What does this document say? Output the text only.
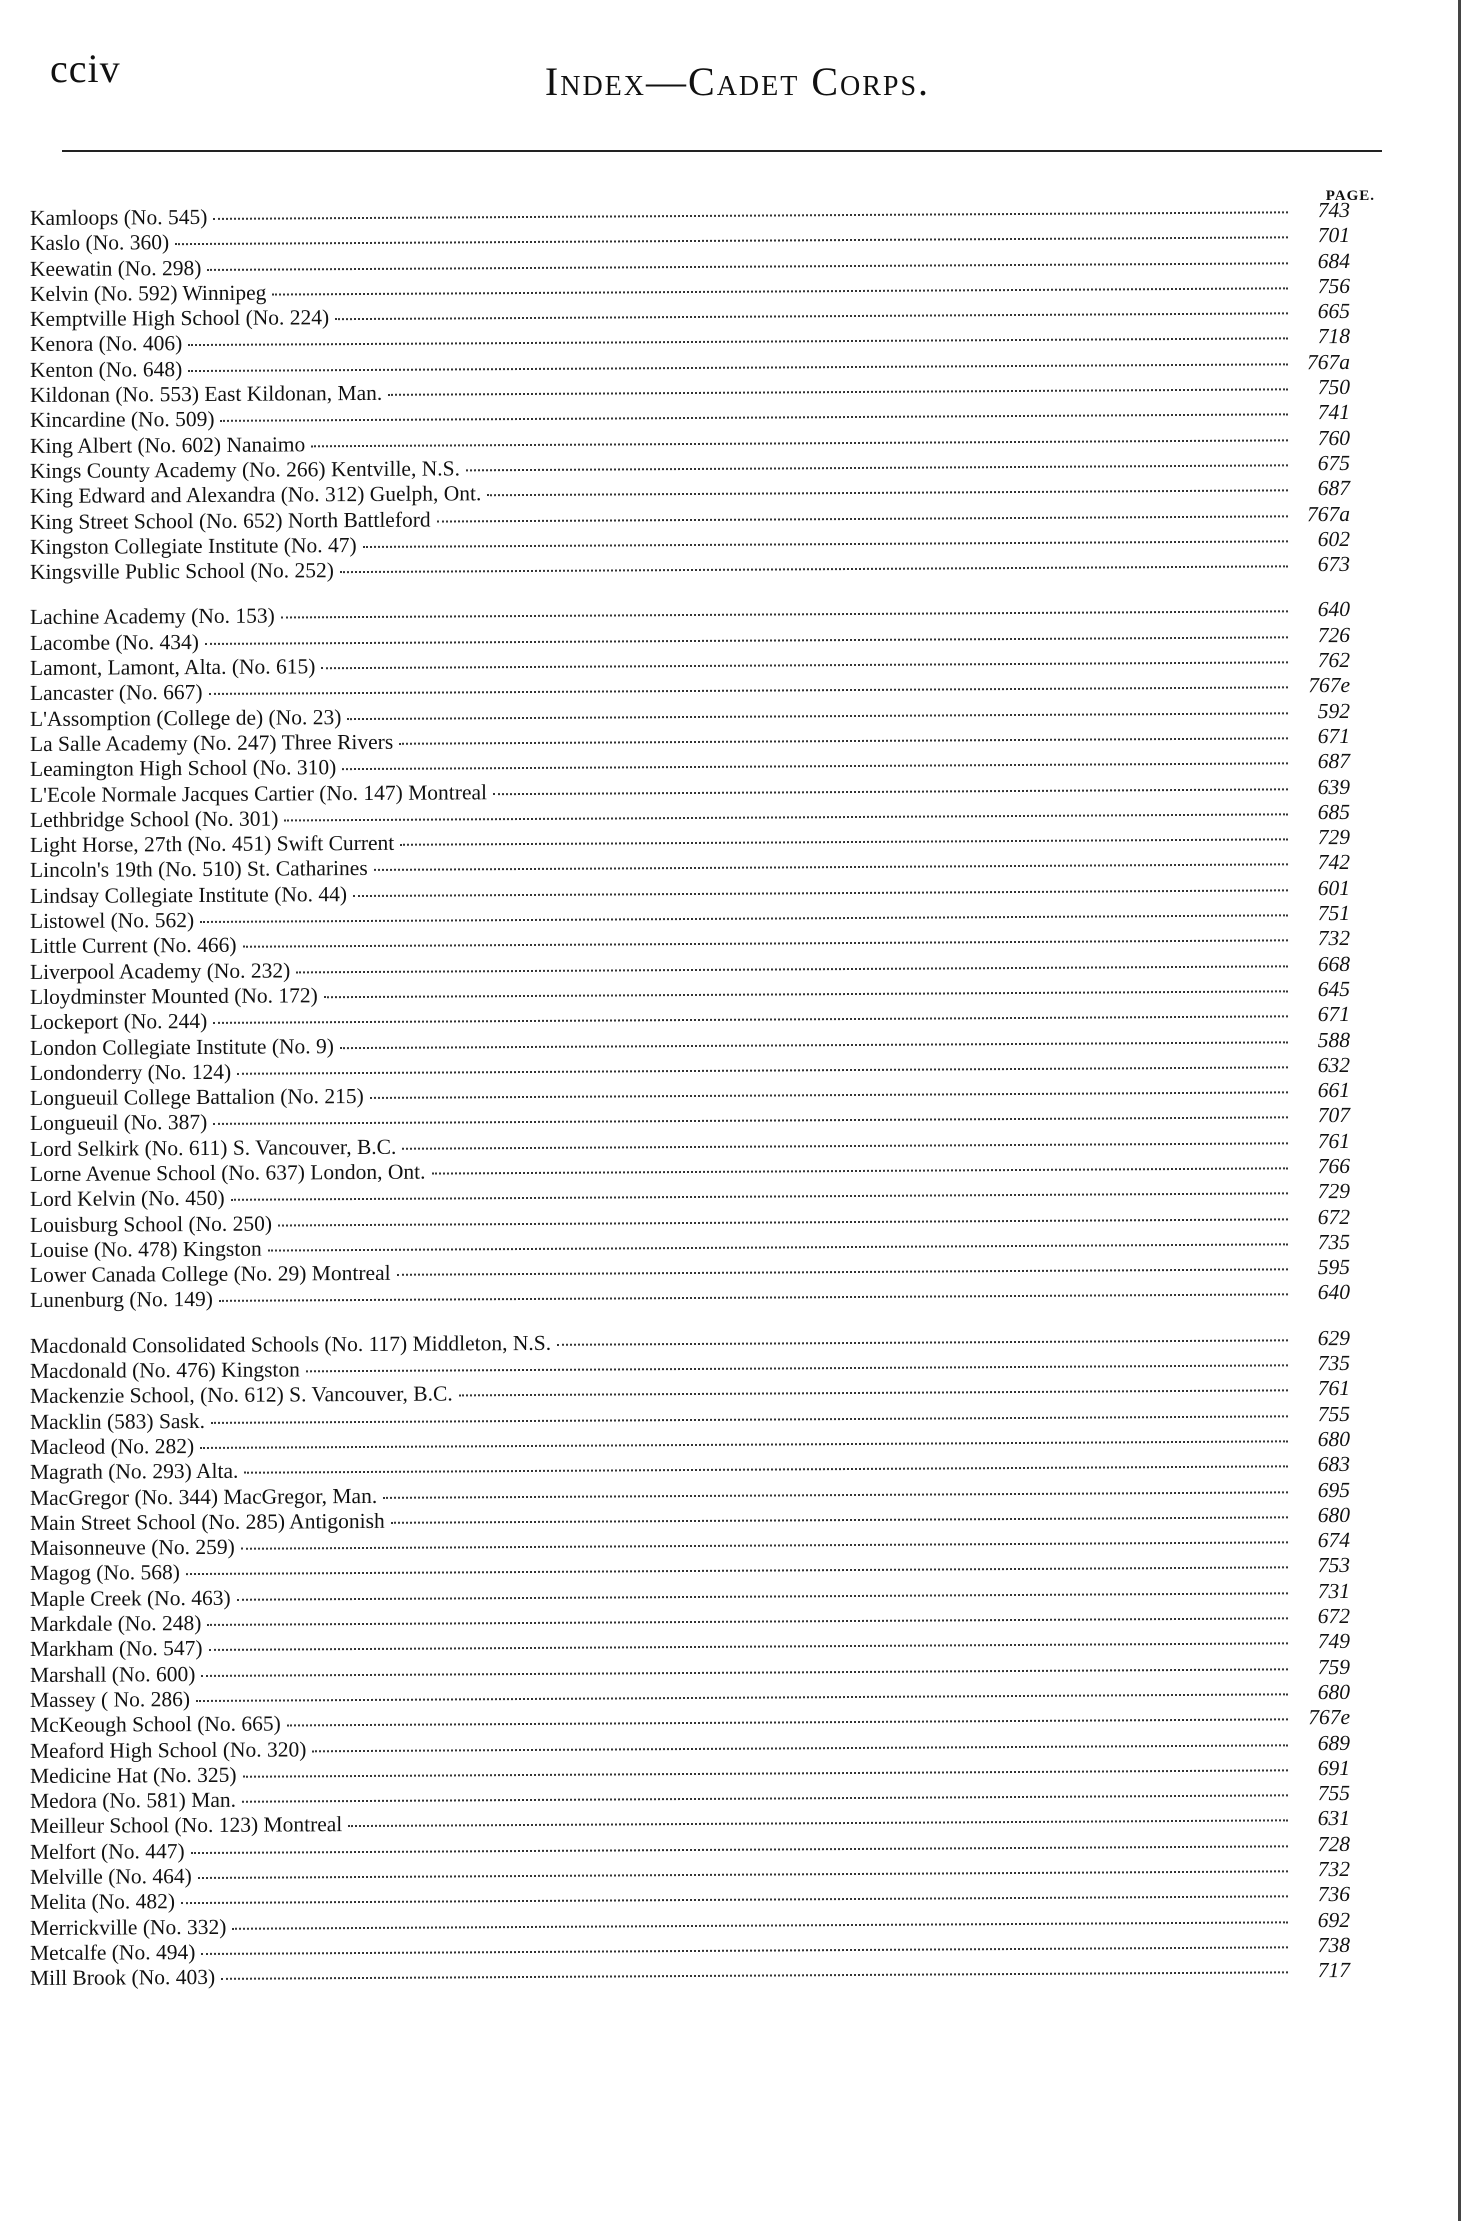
cciv	Index—Cadet Corps.
PAGE.
Kamloops (No. 545)	743
Kaslo (No. 360)	701
Keewatin (No. 298)	684
Kelvin (No. 592) Winnipeg	756
Kemptville High School (No. 224)	665
Kenora (No. 406)	718
Kenton (No. 648)	767a
Kildonan (No. 553) East Kildonan, Man.	750
Kincardine (No. 509)	741
King Albert (No. 602) Nanaimo	760
Kings County Academy (No. 266) Kentville, N.S.	675
King Edward and Alexandra (No. 312) Guelph, Ont.	687
King Street School (No. 652) North Battleford	767a
Kingston Collegiate Institute (No. 47)	602
Kingsville Public School (No. 252)	673
Lachine Academy (No. 153)	640
Lacombe (No. 434)	726
Lamont, Lamont, Alta. (No. 615)	762
Lancaster (No. 667)	767e
L'Assomption (College de) (No. 23)	592
La Salle Academy (No. 247) Three Rivers	671
Leamington High School (No. 310)	687
L'Ecole Normale Jacques Cartier (No. 147) Montreal	639
Lethbridge School (No. 301)	685
Light Horse, 27th (No. 451) Swift Current	729
Lincoln's 19th (No. 510) St. Catharines	742
Lindsay Collegiate Institute (No. 44)	601
Listowel (No. 562)	751
Little Current (No. 466)	732
Liverpool Academy (No. 232)	668
Lloydminster Mounted (No. 172)	645
Lockeport (No. 244)	671
London Collegiate Institute (No. 9)	588
Londonderry (No. 124)	632
Longueuil College Battalion (No. 215)	661
Longueuil (No. 387)	707
Lord Selkirk (No. 611) S. Vancouver, B.C.	761
Lorne Avenue School (No. 637) London, Ont.	766
Lord Kelvin (No. 450)	729
Louisburg School (No. 250)	672
Louise (No. 478) Kingston	735
Lower Canada College (No. 29) Montreal	595
Lunenburg (No. 149)	640
Macdonald Consolidated Schools (No. 117) Middleton, N.S.	629
Macdonald (No. 476) Kingston	735
Mackenzie School, (No. 612) S. Vancouver, B.C.	761
Macklin (583) Sask.	755
Macleod (No. 282)	680
Magrath (No. 293) Alta.	683
MacGregor (No. 344) MacGregor, Man.	695
Main Street School (No. 285) Antigonish	680
Maisonneuve (No. 259)	674
Magog (No. 568)	753
Maple Creek (No. 463)	731
Markdale (No. 248)	672
Markham (No. 547)	749
Marshall (No. 600)	759
Massey ( No. 286)	680
McKeough School (No. 665)	767e
Meaford High School (No. 320)	689
Medicine Hat (No. 325)	691
Medora (No. 581) Man.	755
Meilleur School (No. 123) Montreal	631
Melfort (No. 447)	728
Melville (No. 464)	732
Melita (No. 482)	736
Merrickville (No. 332)	692
Metcalfe (No. 494)	738
Mill Brook (No. 403)	717
